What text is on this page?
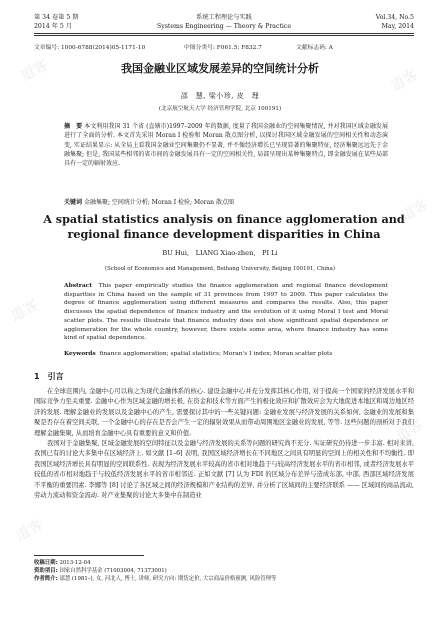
第 34 卷第 5 期	系统工程理论与实践	Vol.34, No.5
2014 年 5 月	Systems Engineering — Theory & Practice	May, 2014
文章编号: 1000-6788(2014)05-1171-10	中图分类号: F061.5; F832.7	文献标志码: A
我国金融业区域发展差异的空间统计分析
邵　慧, 梁小珍, 皮　理
(北京航空航天大学 经济管理学院, 北京 100191)
摘　要 本文利用我国 31 个省 (直辖市)1997–2009 年的数据, 度量了我国金融业的空间集聚情况, 并对我国区域金融发展进行了全面的分析. 本文首先采用 Moran I 检验和 Moran 散点图分析, 以探讨我国区域金融发展的空间相关性和动态演变, 实证结果显示: 从全局上看我国金融业空间集聚仍不显著, 并不像经济增长已呈现显著的集聚特征, 经济集聚远远先于金融集聚; 但是, 我国某些相邻的省市间的金融发展具有一定的空间相关性, 局部呈现出某种集聚特点, 即金融发展在某些局部具有一定的辐射效应.
关键词 金融集聚; 空间统计分析; Moran I 检验; Moran 散点图
A spatial statistics analysis on finance agglomeration and regional finance development disparities in China
BU Hui,　LIANG Xiao-zhen,　PI Li
(School of Economics and Management, Beihang University, Beijing 100191, China)
Abstract This paper empirically studies the finance agglomeration and regional finance development disparities in China based on the sample of 31 provinces from 1997 to 2009. This paper calculates the degree of finance agglomeration using different measures and compares the results. Also, this paper discusses the spatial dependence of finance industry and the evolution of it using Moral I test and Moral scatter plots. The results illustrate that finance industry does not show significant spatial dependence or agglomeration for the whole country, however, there exists some area, where finance industry has some kind of spatial dependence.
Keywords finance agglomeration; spatial statistics; Moran's I index; Moran scatter plots
1　引言

在全球范围内, 金融中心可以称之为现代金融体系的核心. 建设金融中心并充分发挥其核心作用, 对于提高一个国家的经济发展水平和国际竞争力至关重要. 金融中心作为区域金融的增长极, 在资金和技术等方面产生的极化效应和扩散效应会为大地促进本地区和周边地区经济的发展. 理解金融业的发展以及金融中心的产生, 需要探讨其中的一些关键问题: 金融业发展与经济发展的关系如何, 金融业的发展和集聚是否存在着空间关联, 一个金融中心的存在是否会产生一定的辐射效果从而带动周围地区金融业的发展, 等等. 这些问题的剖析对于我们理解金融集聚, 从而培育金融中心具有重要的意义和价值.

我国对于金融集聚, 区域金融发展的空间特征以及金融与经济发展的关系等问题的研究尚不充分. 实证研究仍待进一步丰富. 相对来讲, 我国已有的讨论大多集中在区域经济上. 如文献 [1–6] 表明, 我国区域经济增长在不同地区之间具有明显的空间上的相关性和不均衡性. 即我国区域经济增长具有明显的空间联系性. 表现为经济发展水平较高的省市相对地趋于与较高经济发展水平的省市相邻, 或者经济发展水平较低的省市相对地趋于与较低经济发展水平的省市相邻近. 正如文献 [7] 认为 FDI 的区域分布差异与造成东部, 中部, 西部区域经济发展不平衡的重要因素. 李娜等 [8] 讨论了各区域之间的经济规模和产业结构的差异, 并分析了区域间的主要经济联系 —— 区域间的商品流动, 劳动力流动和资金流动. 对产业集聚的讨论大多集中在制造业

收稿日期: 2013-12-04
资助项目: 国家自然科学基金 (71003004, 71373001)
作者简介: 邵慧 (1981–), 女, 河北人, 博士, 讲师, 研究方向: 期货定价, 大宗商品价格预测, 风险管理等
道客	道客
道客
道客
道客
道客
